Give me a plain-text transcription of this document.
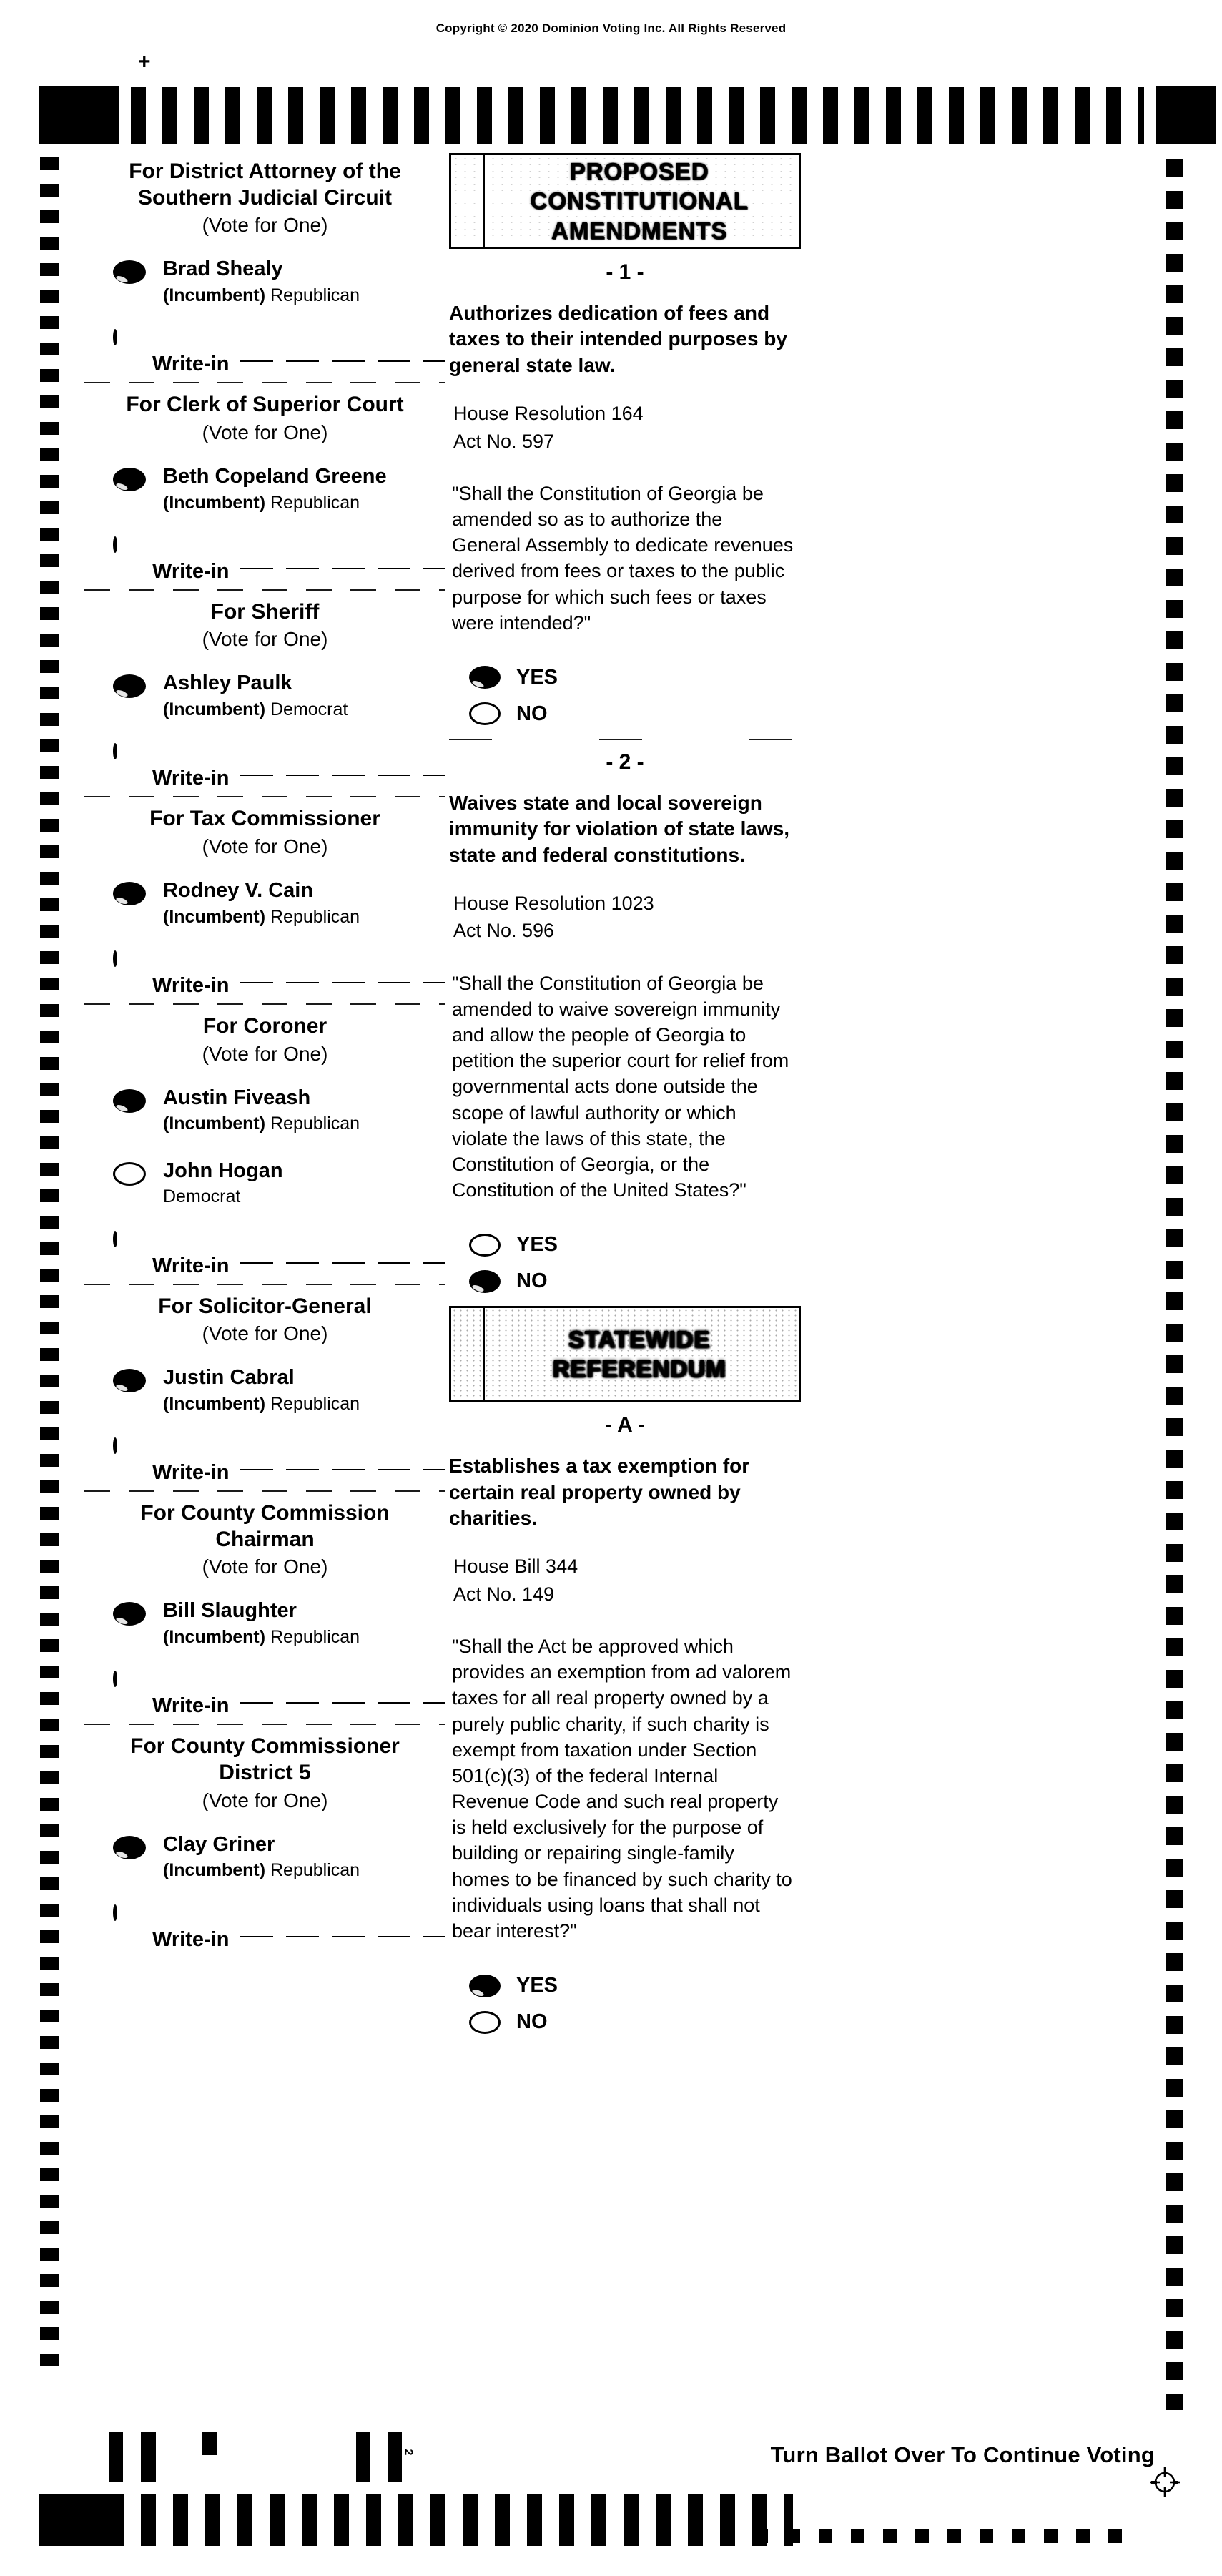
Copyright © 2020 Dominion Voting Inc. All Rights Reserved
+
For District Attorney of the Southern Judicial Circuit
(Vote for One)
Brad Shealy
(Incumbent) Republican
Write-in
For Clerk of Superior Court
(Vote for One)
Beth Copeland Greene
(Incumbent) Republican
Write-in
For Sheriff
(Vote for One)
Ashley Paulk
(Incumbent) Democrat
Write-in
For Tax Commissioner
(Vote for One)
Rodney V. Cain
(Incumbent) Republican
Write-in
For Coroner
(Vote for One)
Austin Fiveash
(Incumbent) Republican
John Hogan
Democrat
Write-in
For Solicitor-General
(Vote for One)
Justin Cabral
(Incumbent) Republican
Write-in
For County Commission Chairman
(Vote for One)
Bill Slaughter
(Incumbent) Republican
Write-in
For County Commissioner District 5
(Vote for One)
Clay Griner
(Incumbent) Republican
Write-in
PROPOSED
CONSTITUTIONAL
AMENDMENTS
- 1 -
Authorizes dedication of fees and taxes to their intended purposes by general state law.
House Resolution 164
Act No. 597
"Shall the Constitution of Georgia be amended so as to authorize the General Assembly to dedicate revenues derived from fees or taxes to the public purpose for which such fees or taxes were intended?"
YES
NO
- 2 -
Waives state and local sovereign immunity for violation of state laws, state and federal constitutions.
House Resolution 1023
Act No. 596
"Shall the Constitution of Georgia be amended to waive sovereign immunity and allow the people of Georgia to petition the superior court for relief from governmental acts done outside the scope of lawful authority or which violate the laws of this state, the Constitution of Georgia, or the Constitution of the United States?"
YES
NO
STATEWIDE
REFERENDUM
- A -
Establishes a tax exemption for certain real property owned by charities.
House Bill 344
Act No. 149
"Shall the Act be approved which provides an exemption from ad valorem taxes for all real property owned by a purely public charity, if such charity is exempt from taxation under Section 501(c)(3) of the federal Internal Revenue Code and such real property is held exclusively for the purpose of building or repairing single-family homes to be financed by such charity to individuals using loans that shall not bear interest?"
YES
NO
2	Turn Ballot Over To Continue Voting
